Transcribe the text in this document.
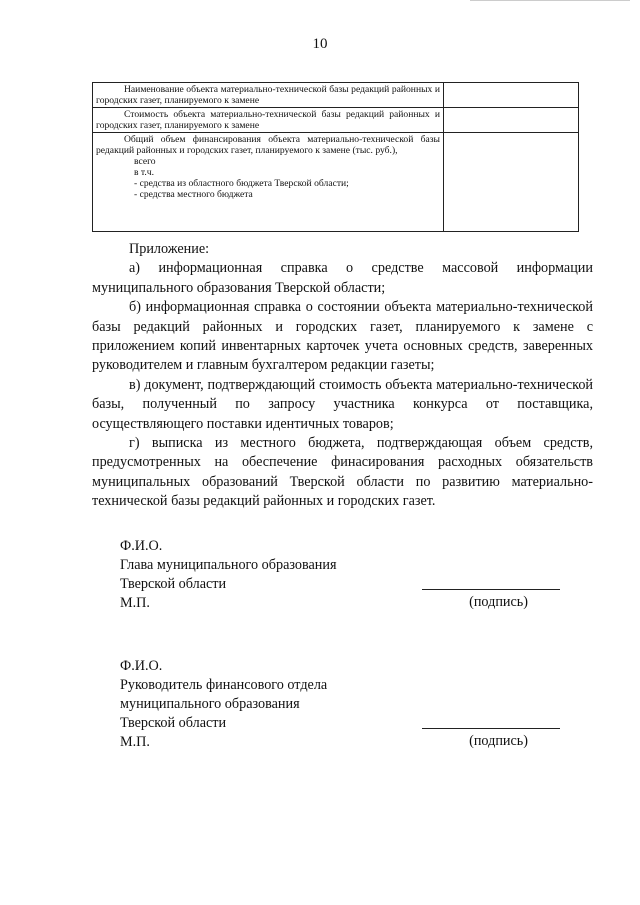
10
Наименование объекта материально-технической базы редакций районных и городских газет, планируемого к замене	

Стоимость объекта материально-технической базы редакций районных и городских газет, планируемого к замене	

Общий объем финансирования объекта материально-технической базы редакций районных и городских газет, планируемого к замене (тыс. руб.),
всего
в т.ч.
- средства из областного бюджета Тверской области;
- средства местного бюджета	

Приложение:

а) информационная справка о средстве массовой информации муниципального образования Тверской области;

б) информационная справка о состоянии объекта материально-технической базы редакций районных и городских газет, планируемого к замене с приложением копий инвентарных карточек учета основных средств, заверенных руководителем и главным бухгалтером редакции газеты;

в) документ, подтверждающий стоимость объекта материально-технической базы, полученный по запросу участника конкурса от поставщика, осуществляющего поставки идентичных товаров;

г) выписка из местного бюджета, подтверждающая объем средств, предусмотренных на обеспечение финасирования расходных обязательств муниципальных образований Тверской области по развитию материально-технической базы редакций районных и городских газет.

Ф.И.О.
Глава муниципального образования
Тверской области
М.П.	(подпись)
Ф.И.О.
Руководитель финансового отдела
муниципального образования
Тверской области
М.П.	(подпись)
